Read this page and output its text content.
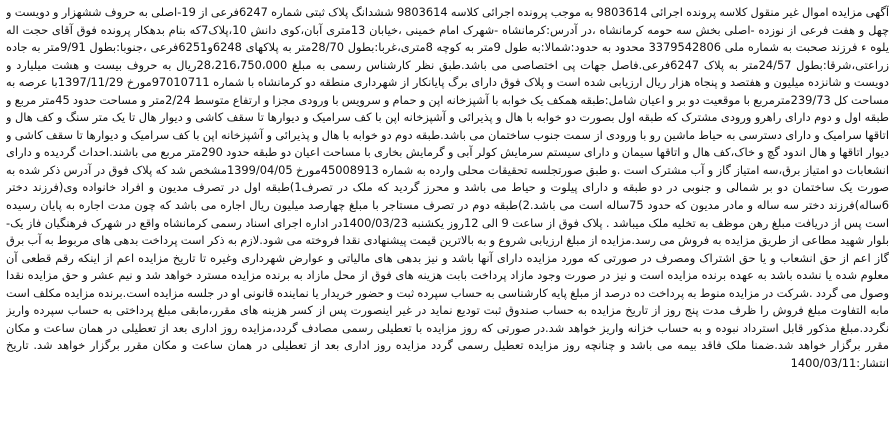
آگهی مزایده اموال غیر منقول کلاسه پرونده اجرائی 9803614 به موجب پرونده اجرائی کلاسه 9803614 ششدانگ پلاک ثبتی شماره 6247فرعی از 19-اصلی به حروف ششهزار و دویست و چهل و هفت فرعی از نوزده -اصلی بخش سه حومه کرمانشاه ،در آدرس:کرمانشاه -شهرک امام خمینی ،خیابان 13متری آبان،کوی دانش 10،پلاک7که بنام بدهکار پرونده فوق آقای حجت اله یلوه ء فرزند صحبت به شماره ملی 3379542806 محدود به حدود:شمالا:به طول 9متر به کوچه 8متری،غربا:بطول 28/70متر به پلاکهای 6248و6251فرعی ،جنوبا:بطول 9/91متر به جاده زراعتی،شرقا:بطول 24/57متر به پلاک 6247فرعی.فاصل جهات پی اختصاصی می باشد.طبق نظر کارشناس رسمی به مبلغ 28،216،750،000ریال به حروف بیست و هشت میلیارد و دویست و شانزده میلیون و هفتصد و پنجاه هزار ریال ارزیابی شده است و پلاک فوق دارای برگ پایانکار از شهرداری منطقه دو کرمانشاه با شماره 97010711مورخ 1397/11/29با عرصه به مساحت کل 239/73مترمربع با موقعیت دو بر و اعیان شامل:طبقه همکف یک خوابه با آشپزخانه اپن و حمام و سرویس با ورودی مجزا و ارتفاع متوسط 2/24متر و مساحت حدود 45متر مربع و طبقه اول و دوم دارای راهرو ورودی مشترک که طبقه اول بصورت دو خوابه با هال و پذیرائی و آشپزخانه اپن با کف سرامیک و دیوارها تا سقف کاشی و دیوار هال تا یک متر سنگ و کف هال و اتاقها سرامیک و دارای دسترسی به حیاط ماشین رو با ورودی از سمت جنوب ساختمان می باشد.طبقه دوم دو خوابه با هال و پذیرائی و آشپزخانه اپن با کف سرامیک و دیوارها تا سقف کاشی و دیوار اتاقها و هال اندود گچ و خاک،کف هال و اتاقها سیمان و دارای سیستم سرمایش کولر آبی و گرمایش بخاری با مساحت اعیان دو طبقه حدود 290متر مربع می باشند.احداث گردیده و دارای انشعابات دو امتیاز برق،سه امتیاز گاز و آب مشترک است .و طبق صورتجلسه تحقیقات محلی وارده به شماره 45008913مورخ 1399/04/05مشخص شد که پلاک فوق در آدرس ذکر شده به صورت یک ساختمان دو بر شمالی و جنوبی در دو طبقه و دارای پیلوت و حیاط می باشد و محرز گردید که ملک در تصرف1)طبقه اول در تصرف مدیون و افراد خانواده وی(فرزند دختر 6ساله)فرزند دختر سه ساله و مادر مدیون که حدود 75ساله است می باشد.2)طبقه دوم در تصرف مستاجر با مبلغ چهارصد میلیون ریال اجاره می باشد که چون مدت اجاره به پایان رسیده است پس از دریافت مبلغ رهن موظف به تخلیه ملک میباشد . پلاک فوق از ساعت 9 الی 12روز یکشنبه 1400/03/23در اداره اجرای اسناد رسمی کرمانشاه واقع در شهرک فرهنگیان فاز یک-بلوار شهید مطاعی از طریق مزایده به فروش می رسد.مزایده از مبلغ ارزیابی شروع و به بالاترین قیمت پیشنهادی نقدا فروخته می شود.لازم به ذکر است پرداخت بدهی های مربوط به آب برق گاز اعم از حق انشعاب و یا حق اشتراک ومصرف در صورتی که مورد مزایده دارای آنها باشد و نیز بدهی های مالیاتی و عوارض شهرداری وغیره تا تاریخ مزایده اعم از اینکه رقم قطعی آن معلوم شده یا نشده باشد به عهده برنده مزایده است و نیز در صورت وجود مازاد پرداخت بابت هزینه های فوق از محل مازاد به برنده مزایده مسترد خواهد شد و نیم عشر و حق مزایده نقدا وصول می گردد .شرکت در مزایده منوط به پرداخت ده درصد از مبلغ پایه کارشناسی به حساب سپرده ثبت و حضور خریدار یا نماینده قانونی او در جلسه مزایده است.برنده مزایده مکلف است مابه التفاوت مبلغ فروش را ظرف مدت پنج روز از تاریخ مزایده به حساب صندوق ثبت تودیع نماید در غیر اینصورت پس از کسر هزینه های مقرر،مابقی مبلغ پرداختی به حساب سپرده واریز نگردد.مبلغ مذکور قابل استرداد نبوده و به حساب خزانه واریز خواهد شد.در صورتی که روز مزایده با تعطیلی رسمی مصادف گردد،مزایده روز اداری بعد از تعطیلی در همان ساعت و مکان مقرر برگزار خواهد شد.ضمنا ملک فاقد بیمه می باشد و چنانچه روز مزایده تعطیل رسمی گردد مزایده روز اداری بعد از تعطیلی در همان ساعت و مکان مقرر برگزار خواهد شد. تاریخ انتشار:1400/03/11
